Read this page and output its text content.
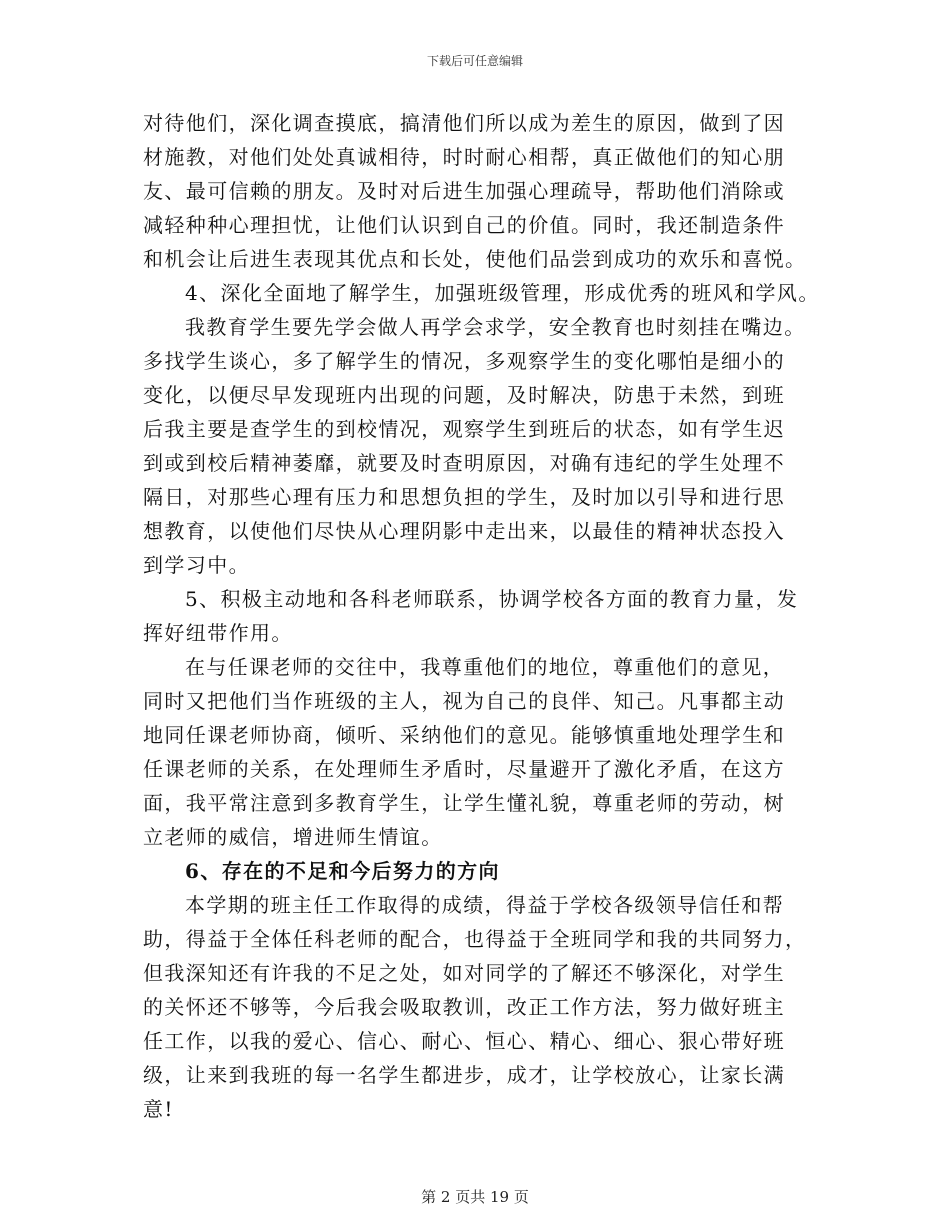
下载后可任意编辑
对待他们，深化调查摸底，搞清他们所以成为差生的原因，做到了因
材施教，对他们处处真诚相待，时时耐心相帮，真正做他们的知心朋
友、最可信赖的朋友。及时对后进生加强心理疏导，帮助他们消除或
减轻种种心理担忧，让他们认识到自己的价值。同时，我还制造条件
和机会让后进生表现其优点和长处，使他们品尝到成功的欢乐和喜悦。
4、深化全面地了解学生，加强班级管理，形成优秀的班风和学风。
我教育学生要先学会做人再学会求学，安全教育也时刻挂在嘴边。
多找学生谈心，多了解学生的情况，多观察学生的变化哪怕是细小的
变化，以便尽早发现班内出现的问题，及时解决，防患于未然，到班
后我主要是查学生的到校情况，观察学生到班后的状态，如有学生迟
到或到校后精神萎靡，就要及时查明原因，对确有违纪的学生处理不
隔日，对那些心理有压力和思想负担的学生，及时加以引导和进行思
想教育，以使他们尽快从心理阴影中走出来，以最佳的精神状态投入
到学习中。
5、积极主动地和各科老师联系，协调学校各方面的教育力量，发
挥好纽带作用。
在与任课老师的交往中，我尊重他们的地位，尊重他们的意见，
同时又把他们当作班级的主人，视为自己的良伴、知己。凡事都主动
地同任课老师协商，倾听、采纳他们的意见。能够慎重地处理学生和
任课老师的关系，在处理师生矛盾时，尽量避开了激化矛盾，在这方
面，我平常注意到多教育学生，让学生懂礼貌，尊重老师的劳动，树
立老师的威信，增进师生情谊。
6、存在的不足和今后努力的方向
本学期的班主任工作取得的成绩，得益于学校各级领导信任和帮
助，得益于全体任科老师的配合，也得益于全班同学和我的共同努力，
但我深知还有许我的不足之处，如对同学的了解还不够深化，对学生
的关怀还不够等，今后我会吸取教训，改正工作方法，努力做好班主
任工作，以我的爱心、信心、耐心、恒心、精心、细心、狠心带好班
级，让来到我班的每一名学生都进步，成才，让学校放心，让家长满
意!
第 2 页共 19 页
